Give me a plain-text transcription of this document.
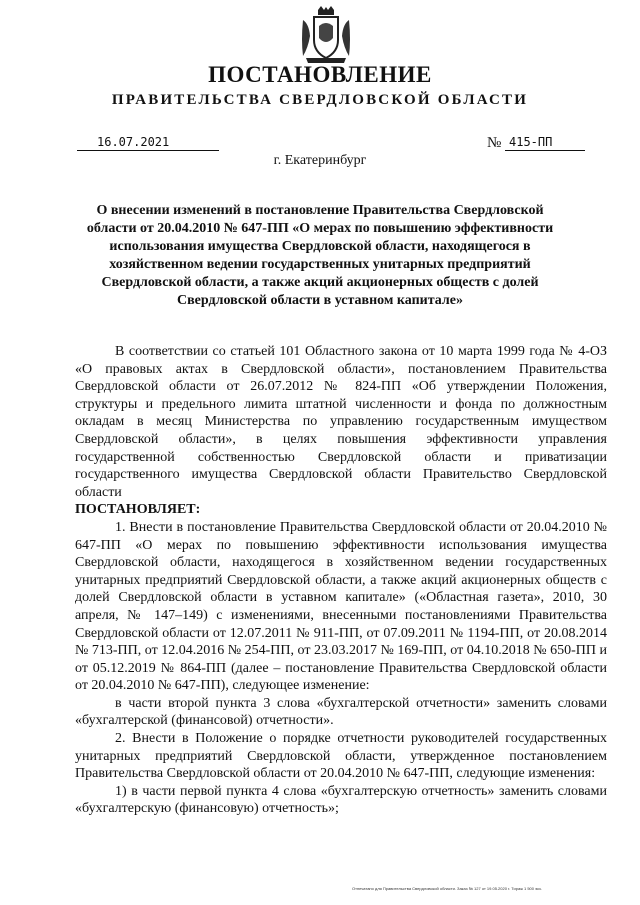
ПОСТАНОВЛЕНИЕ
ПРАВИТЕЛЬСТВА СВЕРДЛОВСКОЙ ОБЛАСТИ
16.07.2021	№ 415-ПП
г. Екатеринбург
О внесении изменений в постановление Правительства Свердловской области от 20.04.2010 № 647-ПП «О мерах по повышению эффективности использования имущества Свердловской области, находящегося в хозяйственном ведении государственных унитарных предприятий Свердловской области, а также акций акционерных обществ с долей Свердловской области в уставном капитале»

В соответствии со статьей 101 Областного закона от 10 марта 1999 года № 4-ОЗ «О правовых актах в Свердловской области», постановлением Правительства Свердловской области от 26.07.2012 № 824-ПП «Об утверждении Положения, структуры и предельного лимита штатной численности и фонда по должностным окладам в месяц Министерства по управлению государственным имуществом Свердловской области», в целях повышения эффективности управления государственной собственностью Свердловской области и приватизации государственного имущества Свердловской области Правительство Свердловской области

ПОСТАНОВЛЯЕТ:

1. Внести в постановление Правительства Свердловской области от 20.04.2010 № 647-ПП «О мерах по повышению эффективности использования имущества Свердловской области, находящегося в хозяйственном ведении государственных унитарных предприятий Свердловской области, а также акций акционерных обществ с долей Свердловской области в уставном капитале» («Областная газета», 2010, 30 апреля, № 147–149) с изменениями, внесенными постановлениями Правительства Свердловской области от 12.07.2011 № 911-ПП, от 07.09.2011 № 1194-ПП, от 20.08.2014 № 713-ПП, от 12.04.2016 № 254-ПП, от 23.03.2017 № 169-ПП, от 04.10.2018 № 650-ПП и от 05.12.2019 № 864-ПП (далее – постановление Правительства Свердловской области от 20.04.2010 № 647-ПП), следующее изменение:

в части второй пункта 3 слова «бухгалтерской отчетности» заменить словами «бухгалтерской (финансовой) отчетности».

2. Внести в Положение о порядке отчетности руководителей государственных унитарных предприятий Свердловской области, утвержденное постановлением Правительства Свердловской области от 20.04.2010 № 647-ПП, следующие изменения:

1) в части первой пункта 4 слова «бухгалтерскую отчетность» заменить словами «бухгалтерскую (финансовую) отчетность»;

Отпечатано для Правительства Свердловской области. Заказ № 127 от 19.05.2020 г. Тираж 1 500 экз.
